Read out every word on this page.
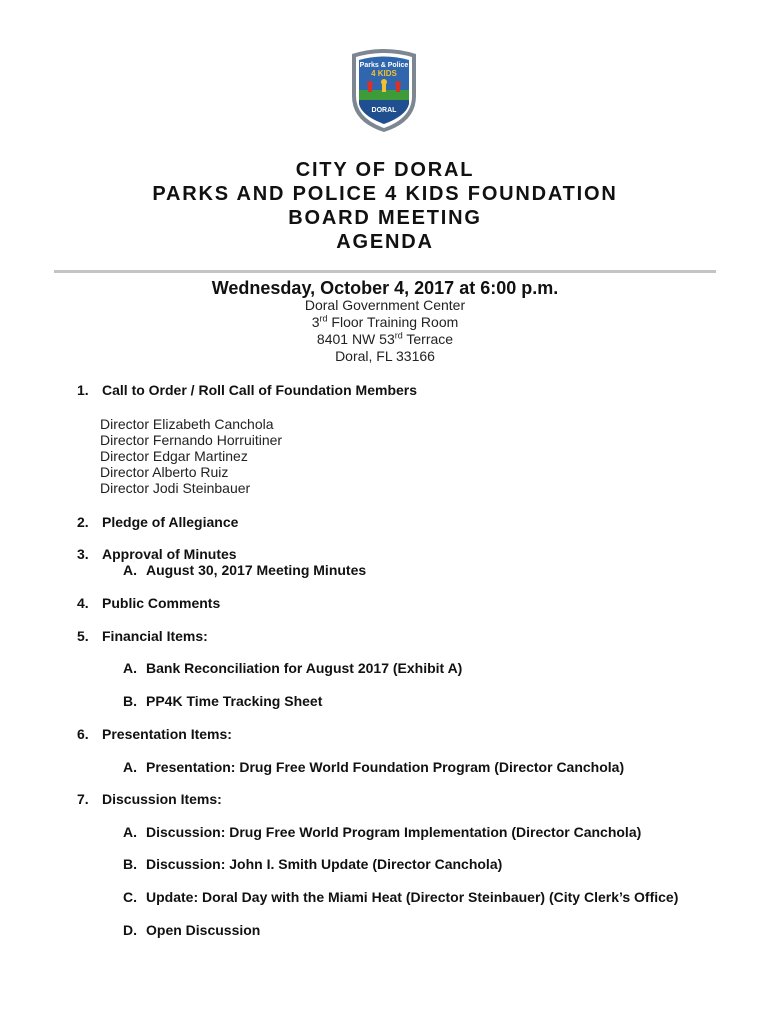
Parks & Police
4 KIDS
DORAL
CITY OF DORAL
PARKS AND POLICE 4 KIDS FOUNDATION
BOARD MEETING
AGENDA
Wednesday, October 4, 2017 at 6:00 p.m.
Doral Government Center
3rd Floor Training Room
8401 NW 53rd Terrace
Doral, FL 33166
1. Call to Order / Roll Call of Foundation Members
Director Elizabeth Canchola
Director Fernando Horruitiner
Director Edgar Martinez
Director Alberto Ruiz
Director Jodi Steinbauer
2. Pledge of Allegiance
3. Approval of Minutes
A. August 30, 2017 Meeting Minutes
4. Public Comments
5. Financial Items:
A. Bank Reconciliation for August 2017 (Exhibit A)
B. PP4K Time Tracking Sheet
6. Presentation Items:
A. Presentation: Drug Free World Foundation Program (Director Canchola)
7. Discussion Items:
A. Discussion: Drug Free World Program Implementation (Director Canchola)
B. Discussion: John I. Smith Update (Director Canchola)
C. Update: Doral Day with the Miami Heat (Director Steinbauer) (City Clerk’s Office)
D. Open Discussion
